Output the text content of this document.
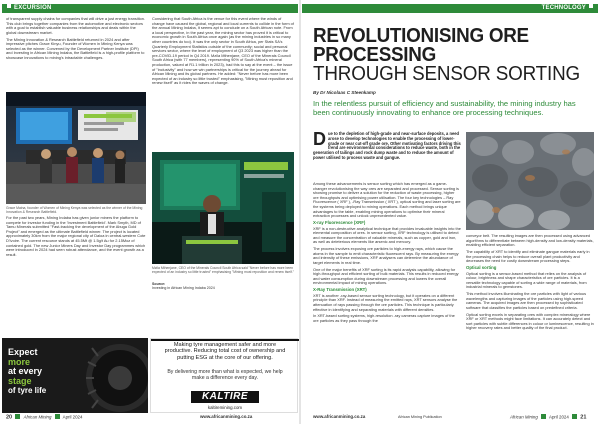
EXCURSION

of transparent supply chains for companies that will drive a just energy transition. This club brings together companies from the automotive and electronic sectors with a goal to establish valuable business relationships and deals within the global downstream market.

The Mining Innovation & Research Battlefield returned in 2024 and after impressive pitches Grace Kinyu, Founder of Women in Mining Kenya was selected as the winner. Convened by the Development Partner Institute (DPI) and Investing in African Mining Indaba, the Battlefield is a high-profile platform to showcase innovations to mining's intractable challenges.

Grace Maina, founder of Women of Mining Kenya was selected as the winner of the Mining Innovation & Research Battlefield.

For the past two years, Mining Indaba has given junior miners the platform to compete for investor funding in the 'Investment Battlefield'. Mark Smyth, MD of Tamu Minerals submitted "Fast-tracking the development of the Abuga Gold Project" and emerged as the ultimate Battlefield winner. The project is located approximately 30km from the major regional city of Daloa in central-western Cote D'Ivoire. The current resource stands at 45.5Mt @ 1.5g/t Au for 2.15Moz of contained gold. The new Junior Miners Day and Investor Day programmes which were introduced in 2024 had seen robust attendance, and the event growth as a result.

Considering that South Africa is the venue for this event where the winds of change have caused the global, regional and local currents to collide in the form of the annual Mining Indaba, it seems apt to conclude on a South African note. From a local perspective, in the past year, the mining sector has proved it is critical to economic growth in South Africa once again (as the mining industries in so many other countries do too). It was the only sector in South Africa, per Stats SA's Quarterly Employment Statistics outside of the community; social and personal services sector, where the level of employment of Q3 2023 was higher than the pre-COVID-19 period in Q4 2019. Mzila Mthenjane, CEO of the Minerals Council South Africa (with 77 members), representing 90% of South Africa's mineral production, valued at R1.1 trillion in 2023), had this to say at the event – the issue of "inclusivity" and how we win partnerships is critical for the journey ahead for African Mining and its global partners. He added: "Never before has more been expected of an industry so little trusted" emphasising, "Mining must reposition and renew itself" as it rides the waves of change.

Mzila Mthenjane, CEO of the Minerals Council South Africa said "Never before has more been expected of an industry so little trusted" emphasising "Mining must reposition and renew itself."
Source:
Investing in African Mining Indaba 2024
Expect
more
at every
stage
of tyre life
Making tyre management safer and more productive. Reducing total cost of ownership and putting ESG at the core of our offering.
By delivering more than what is expected, we help make a difference every day.
KALTIRE
kaltiremining.com
20	African Mining	April 2024	www.africanmining.co.za
TECHNOLOGY
REVOLUTIONISING ORE
PROCESSING
THROUGH SENSOR SORTING
By Dr Nicolaas C Steenkamp
In the relentless pursuit of efficiency and sustainability, the mining industry has been continuously innovating to enhance ore processing techniques.
Due to the depletion of high-grade and near-surface deposits, a need arose to develop technologies to enable the processing of lower-grade or near cut-off grade ore. Other motivating factors driving this trend are environmental considerations to reduce waste, both in the generation of tailings and rock dump waste and to reduce the amount of power utilised to process waste and gangue.

Among these advancements is sensor sorting which has emerged as a game-changer revolutionising the way ores are separated and processed. Sensor sorting is showing promise to deliver a solution for the reduction of waste processing, higher ore throughputs and optimising power utilisation. The four key technologies – Ray Fluorescence ( XRF ), -Ray Transmission ( XRT ), optical sorting and laser sorting are the systems being deployed to mining operations. Each method brings unique advantages to the table, enabling mining operations to optimise their mineral extraction processes and unlock unprecedented value.

X-ray Fluorescence (XRF)

XRF is a non-destructive analytical technique that provides invaluable insights into the elemental composition of ores. In sensor sorting, XRF technology is utilised to detect and measure the concentration of valuable minerals, such as copper, gold and iron, as well as deleterious elements like arsenic and mercury.

The process involves exposing ore particles to high-energy rays, which cause the atoms in the sample to emit characteristic fluorescent rays. By measuring the energy and intensity of these emissions, XRF analysers can determine the abundance of target elements in real time.

One of the major benefits of XRF sorting is its rapid analysis capability, allowing for high-throughput and efficient sorting of bulk materials. This results in reduced energy and water consumption during downstream processing and lowers the overall environmental impact of mining operations.

X-Ray Transmission (XRT)

XRT is another -ray-based sensor sorting technology, but it operates on a different principle than XRF. Instead of measuring the emitted rays, XRT sensors analyse the attenuation of rays passing through the ore particles. This technique is particularly effective in identifying and separating materials with different densities.

In XRT-based sorting systems, high-resolution -ray cameras capture images of the ore particles as they pass through the

conveyor belt. The resulting images are then processed using advanced algorithms to differentiate between high-density and low-density materials, enabling efficient separation.

The capability of XRT to identify and eliminate gangue materials early in the processing chain helps to reduce overall plant productivity and decreases the need for costly downstream processing steps.

Optical sorting

Optical sorting is a sensor-based method that relies on the analysis of colour, brightness and shape characteristics of ore particles. It is a versatile technology capable of sorting a wide range of materials, from industrial minerals to gemstones.

This method involves illuminating the ore particles with light of various wavelengths and capturing images of the particles using high-speed cameras. The acquired images are then processed by sophisticated software that classifies the particles based on predefined criteria.

Optical sorting excels in separating ores with complex mineralogy where XRF or XRT methods might face limitations. It can accurately detect and sort particles with subtle differences in colour or luminescence, resulting in higher recovery rates and better quality of the final product.

www.africanmining.co.za	African Mining Publication	African Mining	April 2024 21
